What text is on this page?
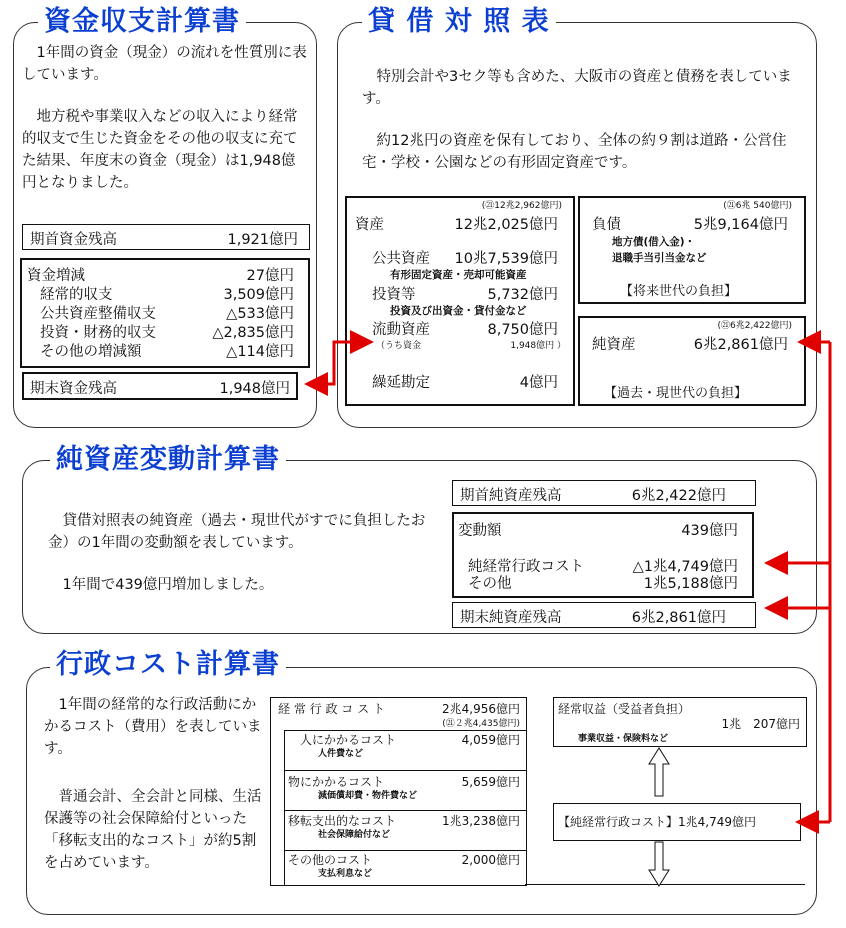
資金収支計算書
1年間の資金（現金）の流れを性質別に表しています。
地方税や事業収入などの収入により経常的収支で生じた資金をその他の収支に充てた結果、年度末の資金（現金）は1,948億円となりました。
期首資金残高	1,921億円
資金増減	27億円
経常的収支	3,509億円
公共資産整備収支	△533億円
投資・財務的収支	△2,835億円
その他の増減額	△114億円
期末資金残高	1,948億円
貸 借 対 照 表
特別会計や3セク等も含めた、大阪市の資産と債務を表しています。
約12兆円の資産を保有しており、全体の約９割は道路・公営住宅・学校・公園などの有形固定資産です。
(㉑12兆2,962億円)
資産	12兆2,025億円
公共資産	10兆7,539億円
有形固定資産・売却可能資産
投資等	5,732億円
投資及び出資金・貸付金など
流動資産	8,750億円
（うち資金	1,948億円 ）
繰延勘定	4億円
(㉑6兆 540億円)
負債	5兆9,164億円
地方債(借入金)・
退職手当引当金など
【将来世代の負担】
(㉑6兆2,422億円)
純資産	6兆2,861億円
【過去・現世代の負担】
純資産変動計算書
貸借対照表の純資産（過去・現世代がすでに負担したお金）の1年間の変動額を表しています。
1年間で439億円増加しました。
期首純資産残高	6兆2,422億円
変動額	439億円
純経常行政コスト	△1兆4,749億円
その他	1兆5,188億円
期末純資産残高	6兆2,861億円
行政コスト計算書
1年間の経常的な行政活動にかかるコスト（費用）を表しています。
普通会計、全会計と同様、生活保護等の社会保障給付といった「移転支出的なコスト」が約5割を占めています。
経 常 行 政 コ ス ト	2兆4,956億円
(㉑２兆4,435億円)
人にかかるコスト	4,059億円
人件費など
物にかかるコスト	5,659億円
減価償却費・物件費など
移転支出的なコスト	1兆3,238億円
社会保障給付など
その他のコスト	2,000億円
支払利息など
経常収益（受益者負担）
1兆　207億円
事業収益・保険料など
【純経常行政コスト】1兆4,749億円
